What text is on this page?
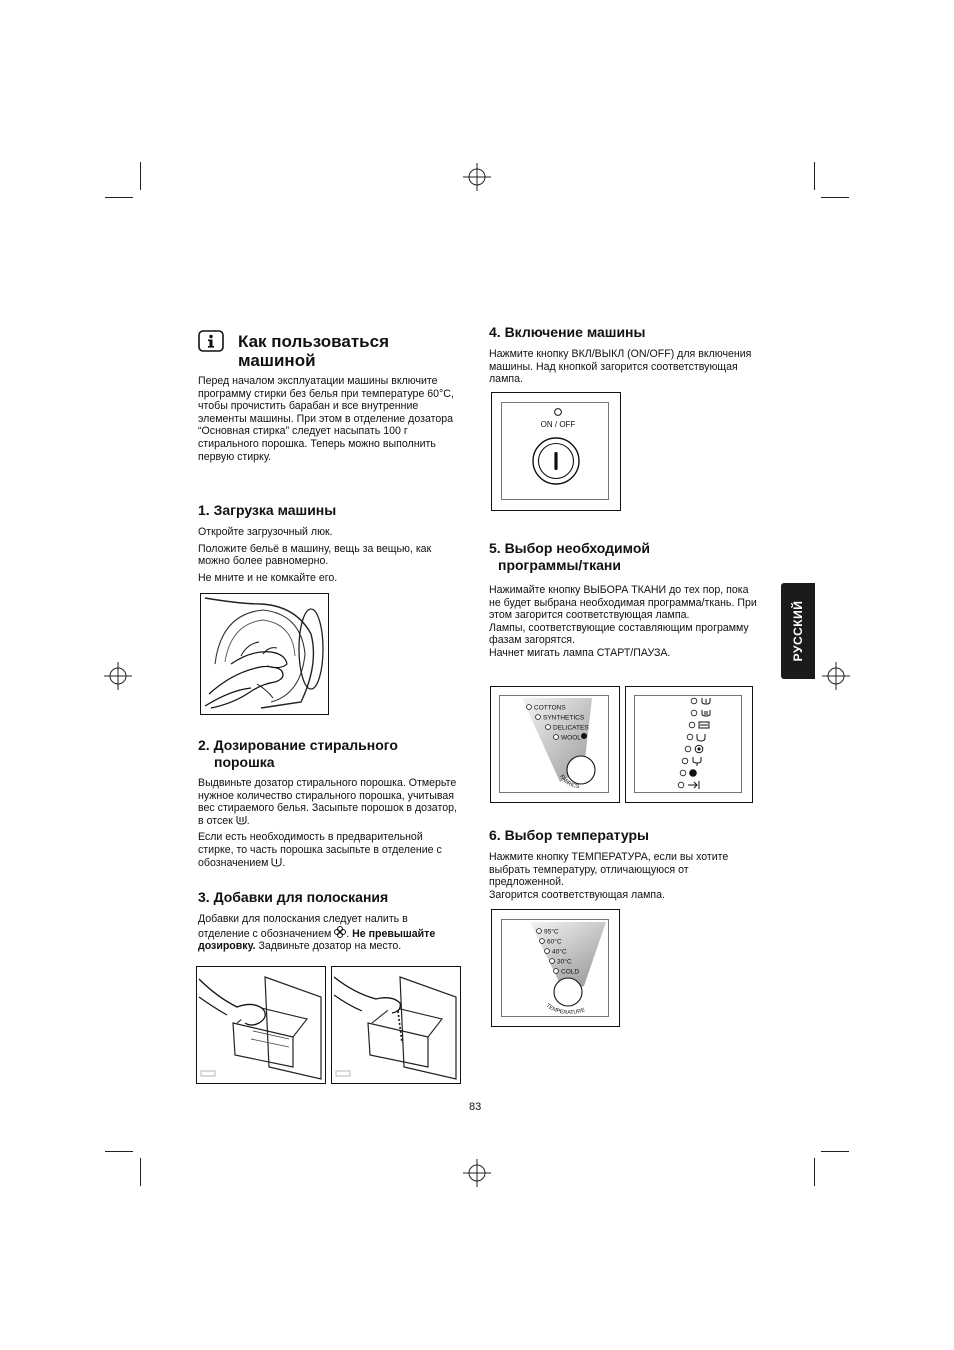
Как пользоваться
машиной

Перед началом эксплуатации машины включите программу стирки без белья при температуре 60°C, чтобы прочистить барабан и все внутренние элементы машины. При этом в отделение дозатора “Основная стирка” следует насыпать 100 г стирального порошка. Теперь можно выполнить первую стирку.

1. Загрузка машины

Откройте загрузочный люк.

Положите бельё в машину, вещь за вещью, как можно более равномерно.

Не мните и не комкайте его.

2. Дозирование стирального
порошка

Выдвиньте дозатор стирального порошка. Отмерьте нужное количество стирального порошка, учитывая вес стираемого белья. Засыпьте порошок в дозатор, в отсек .

Если есть необходимость в предварительной стирке, то часть порошка засыпьте в отделение с обозначением .

3. Добавки для полоскания

Добавки для полоскания следует налить в отделение с обозначением . Не превышайте дозировку. Задвиньте дозатор на место.

4. Включение машины

Нажмите кнопку ВКЛ/ВЫКЛ (ON/OFF) для включения машины. Над кнопкой загорится соответствующая лампа.

ON / OFF
5. Выбор необходимой
программы/ткани

Нажимайте кнопку ВЫБОРА ТКАНИ до тех пор, пока не будет выбрана необходимая программа/ткань. При этом загорится соответствующая лампа.

Лампы, соответствующие составляющим программу фазам загорятся.

Начнет мигать лампа СТАРТ/ПАУЗА.

COTTONS
SYNTHETICS
DELICATES
WOOL
FABRICS
6. Выбор температуры

Нажмите кнопку ТЕМПЕРАТУРА, если вы хотите выбрать температуру, отличающуюся от предложенной.

Загорится соответствующая лампа.

95°C
60°C
40°C
30°C
COLD
TEMPERATURE
РУССКИЙ
83
